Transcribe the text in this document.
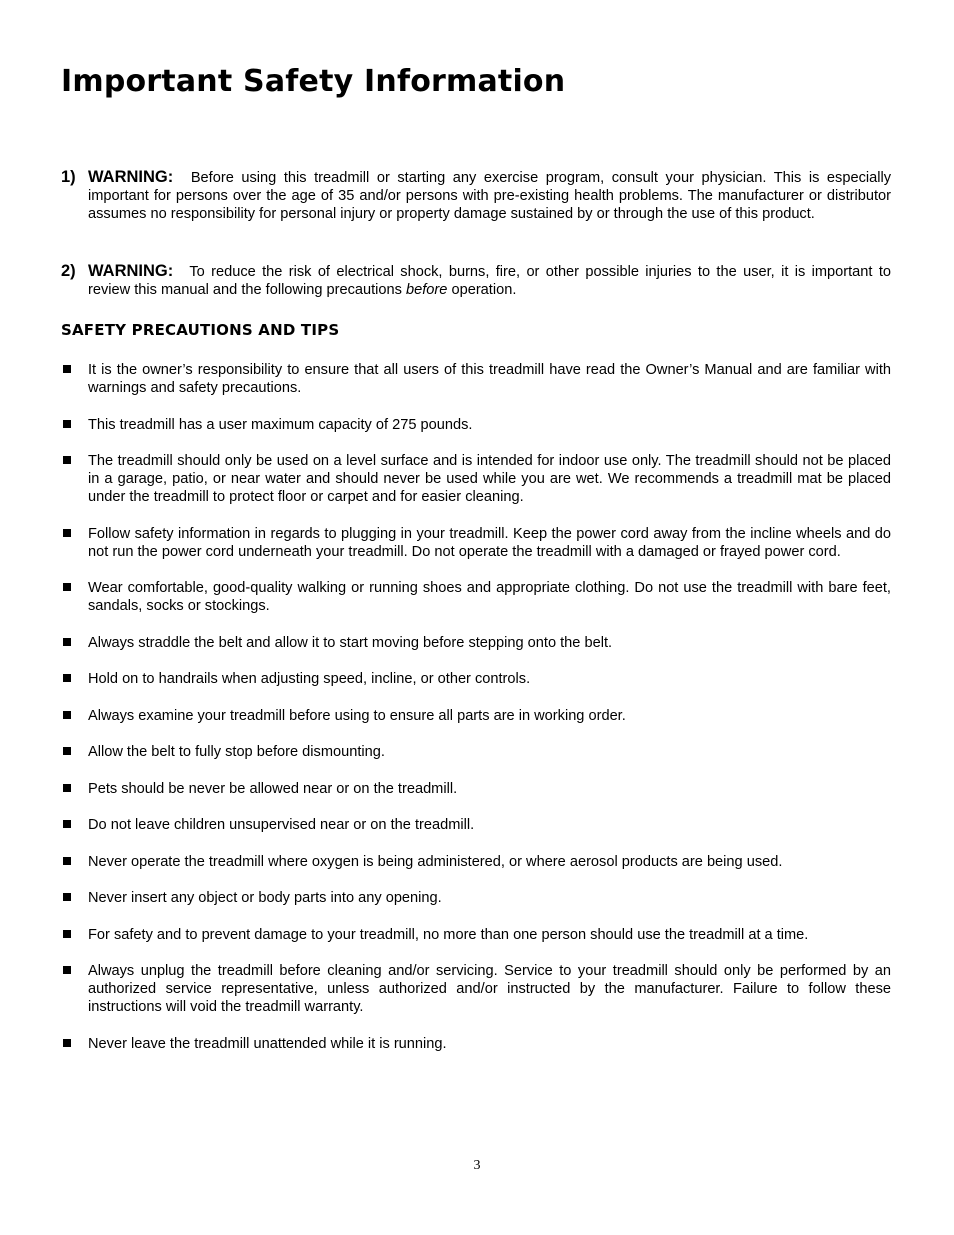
Important Safety Information
1) WARNING: Before using this treadmill or starting any exercise program, consult your physician. This is especially important for persons over the age of 35 and/or persons with pre-existing health problems. The manufacturer or distributor assumes no responsibility for personal injury or property damage sustained by or through the use of this product.
2) WARNING: To reduce the risk of electrical shock, burns, fire, or other possible injuries to the user, it is important to review this manual and the following precautions before operation.
SAFETY PRECAUTIONS AND TIPS
It is the owner’s responsibility to ensure that all users of this treadmill have read the Owner’s Manual and are familiar with warnings and safety precautions.
This treadmill has a user maximum capacity of 275 pounds.
The treadmill should only be used on a level surface and is intended for indoor use only. The treadmill should not be placed in a garage, patio, or near water and should never be used while you are wet. We recommends a treadmill mat be placed under the treadmill to protect floor or carpet and for easier cleaning.
Follow safety information in regards to plugging in your treadmill. Keep the power cord away from the incline wheels and do not run the power cord underneath your treadmill. Do not operate the treadmill with a damaged or frayed power cord.
Wear comfortable, good-quality walking or running shoes and appropriate clothing. Do not use the treadmill with bare feet, sandals, socks or stockings.
Always straddle the belt and allow it to start moving before stepping onto the belt.
Hold on to handrails when adjusting speed, incline, or other controls.
Always examine your treadmill before using to ensure all parts are in working order.
Allow the belt to fully stop before dismounting.
Pets should be never be allowed near or on the treadmill.
Do not leave children unsupervised near or on the treadmill.
Never operate the treadmill where oxygen is being administered, or where aerosol products are being used.
Never insert any object or body parts into any opening.
For safety and to prevent damage to your treadmill, no more than one person should use the treadmill at a time.
Always unplug the treadmill before cleaning and/or servicing. Service to your treadmill should only be performed by an authorized service representative, unless authorized and/or instructed by the manufacturer. Failure to follow these instructions will void the treadmill warranty.
Never leave the treadmill unattended while it is running.
3
